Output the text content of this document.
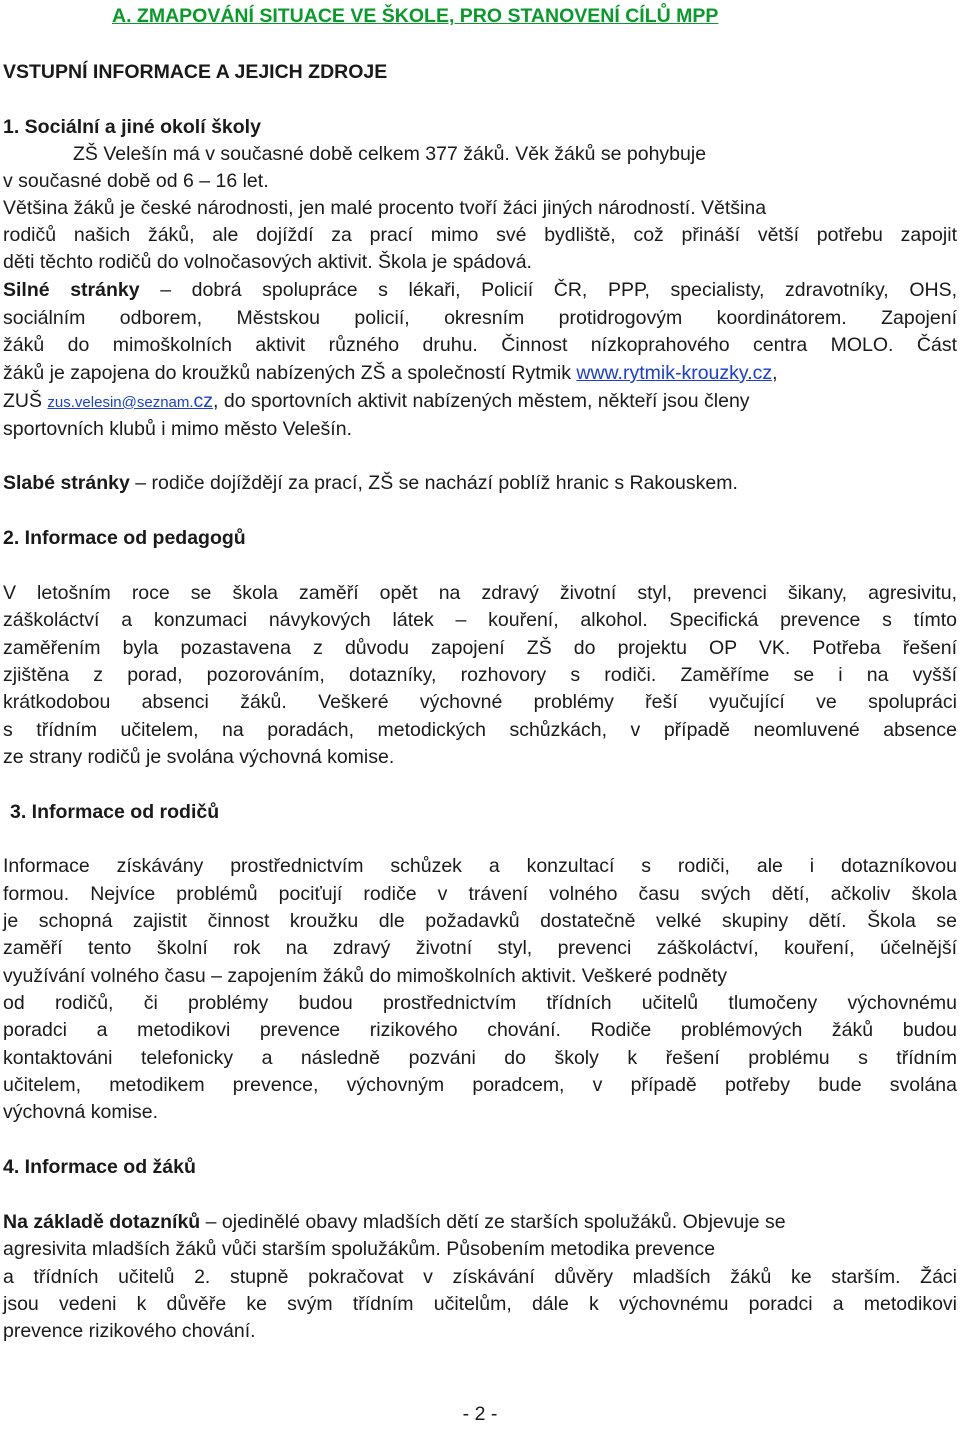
A. ZMAPOVÁNÍ SITUACE VE ŠKOLE, PRO STANOVENÍ CÍLŮ MPP
VSTUPNÍ INFORMACE A JEJICH ZDROJE
1. Sociální a jiné okolí školy
ZŠ Velešín má v současné době celkem 377 žáků. Věk žáků se pohybuje
v současné době od 6 – 16 let.
Většina žáků je české národnosti, jen malé procento tvoří žáci jiných národností. Většina
rodičů našich žáků, ale dojíždí za prací mimo své bydliště, což přináší větší potřebu zapojit
děti těchto rodičů do volnočasových aktivit. Škola je spádová.
Silné stránky – dobrá spolupráce s lékaři, Policií ČR, PPP, specialisty, zdravotníky, OHS,
sociálním odborem, Městskou policií, okresním protidrogovým koordinátorem. Zapojení
žáků do mimoškolních aktivit různého druhu. Činnost nízkoprahového centra MOLO. Část
žáků je zapojena do kroužků nabízených ZŠ a společností Rytmik www.rytmik-krouzky.cz,
ZUŠ zus.velesin@seznam.cz, do sportovních aktivit nabízených městem, někteří jsou členy
sportovních klubů i mimo město Velešín.
Slabé stránky – rodiče dojíždějí za prací, ZŠ se nachází poblíž hranic s Rakouskem.
2. Informace od pedagogů
V letošním roce se škola zaměří opět na zdravý životní styl, prevenci šikany, agresivitu,
záškoláctví a konzumaci návykových látek – kouření, alkohol. Specifická prevence s tímto
zaměřením byla pozastavena z důvodu zapojení ZŠ do projektu OP VK. Potřeba řešení
zjištěna z porad, pozorováním, dotazníky, rozhovory s rodiči. Zaměříme se i na vyšší
krátkodobou absenci žáků. Veškeré výchovné problémy řeší vyučující ve spolupráci
s třídním učitelem, na poradách, metodických schůzkách, v případě neomluvené absence
ze strany rodičů je svolána výchovná komise.
3. Informace od rodičů
Informace získávány prostřednictvím schůzek a konzultací s rodiči, ale i dotazníkovou
formou. Nejvíce problémů pociťují rodiče v trávení volného času svých dětí, ačkoliv škola
je schopná zajistit činnost kroužku dle požadavků dostatečně velké skupiny dětí. Škola se
zaměří tento školní rok na zdravý životní styl, prevenci záškoláctví, kouření, účelnější
využívání volného času – zapojením žáků do mimoškolních aktivit. Veškeré podněty
od rodičů, či problémy budou prostřednictvím třídních učitelů tlumočeny výchovnému
poradci a metodikovi prevence rizikového chování. Rodiče problémových žáků budou
kontaktováni telefonicky a následně pozváni do školy k řešení problému s třídním
učitelem, metodikem prevence, výchovným poradcem, v případě potřeby bude svolána
výchovná komise.
4. Informace od žáků
Na základě dotazníků – ojedinělé obavy mladších dětí ze starších spolužáků. Objevuje se
agresivita mladších žáků vůči starším spolužákům. Působením metodika prevence
a třídních učitelů 2. stupně pokračovat v získávání důvěry mladších žáků ke starším. Žáci
jsou vedeni k důvěře ke svým třídním učitelům, dále k výchovnému poradci a metodikovi
prevence rizikového chování.
- 2 -
